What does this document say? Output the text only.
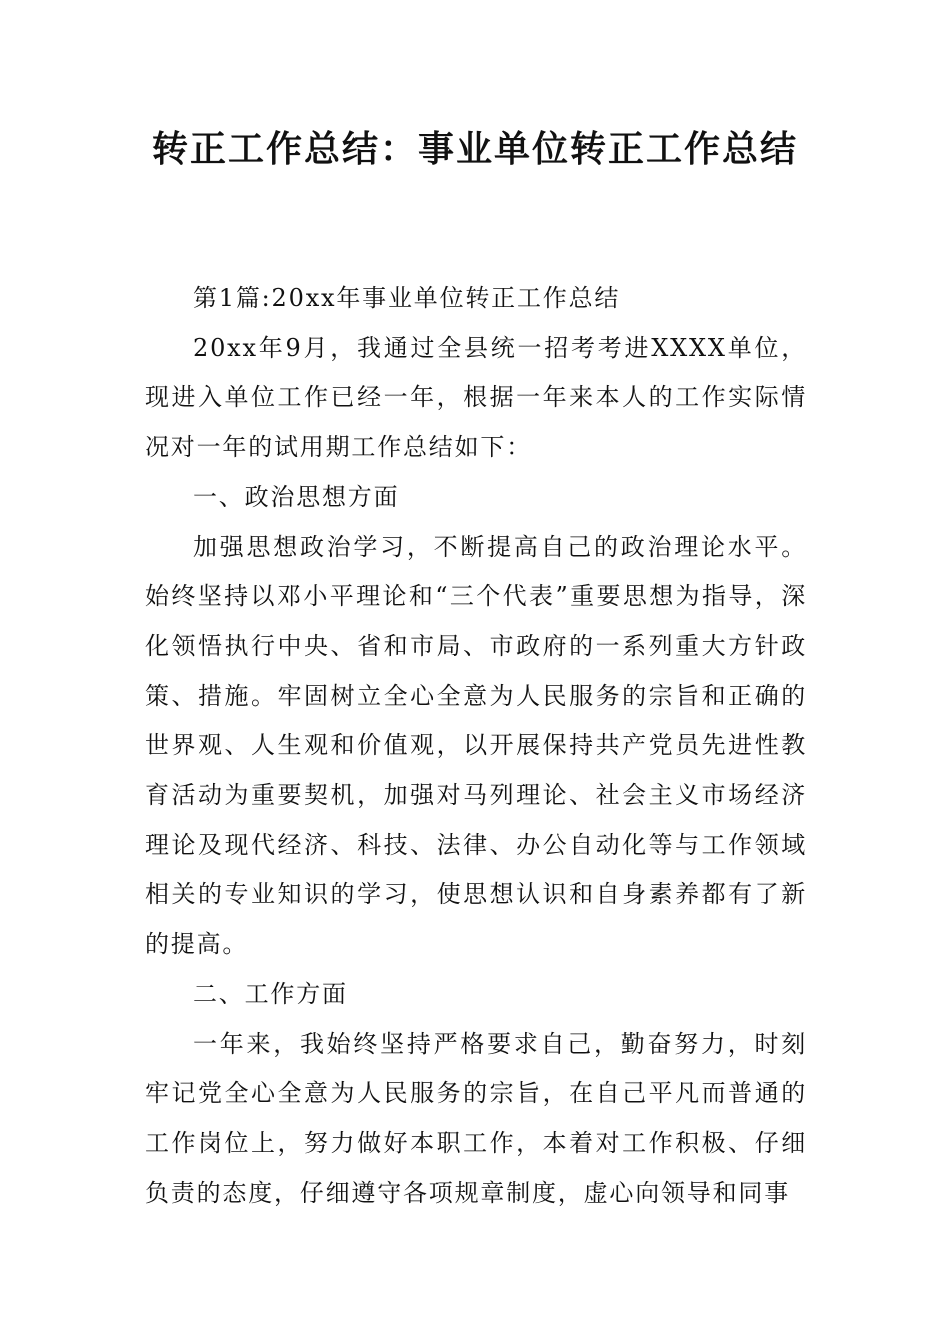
转正工作总结：事业单位转正工作总结

第1篇:20xx年事业单位转正工作总结

20xx年9月，我通过全县统一招考考进XXXX单位，现进入单位工作已经一年，根据一年来本人的工作实际情况对一年的试用期工作总结如下：

一、政治思想方面

加强思想政治学习，不断提高自己的政治理论水平。始终坚持以邓小平理论和“三个代表”重要思想为指导，深化领悟执行中央、省和市局、市政府的一系列重大方针政策、措施。牢固树立全心全意为人民服务的宗旨和正确的世界观、人生观和价值观，以开展保持共产党员先进性教育活动为重要契机，加强对马列理论、社会主义市场经济理论及现代经济、科技、法律、办公自动化等与工作领域相关的专业知识的学习，使思想认识和自身素养都有了新的提高。

二、工作方面

一年来，我始终坚持严格要求自己，勤奋努力，时刻牢记党全心全意为人民服务的宗旨，在自己平凡而普通的工作岗位上，努力做好本职工作，本着对工作积极、仔细负责的态度，仔细遵守各项规章制度，虚心向领导和同事
